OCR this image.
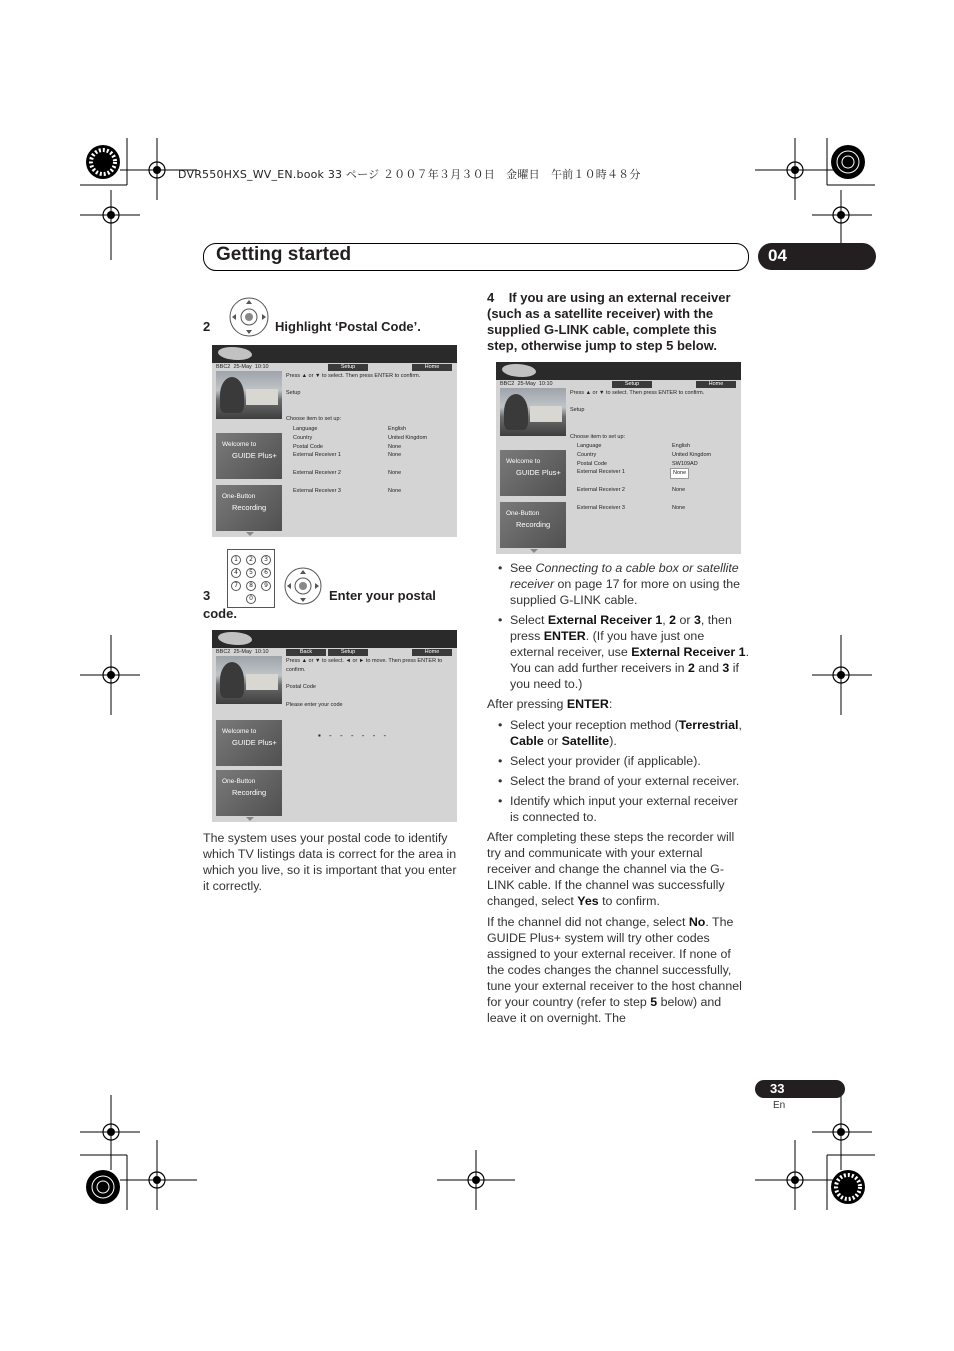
DVR550HXS_WV_EN.book 33 ページ ２００７年３月３０日　金曜日　午前１０時４８分
Getting started	04
2	Highlight ‘Postal Code’.
BBC2 25-May 10:10	Setup	Home
Press ▲ or ▼ to select. Then press ENTER to confirm.
Setup
Choose item to set up:
Language	English
Country	United Kingdom
Postal Code	None
External Receiver 1	None
External Receiver 2	None
External Receiver 3	None
Welcome to
GUIDE Plus+
One-Button
Recording
1	2	3
4	5	6
7	8	9
0
3	Enter your postal
code.
BBC2 25-May 10:10	Back	Setup	Home
Press ▲ or ▼ to select. ◄ or ► to move. Then press ENTER to confirm.
Postal Code
Please enter your code
▪ - - - - - -
Welcome to
GUIDE Plus+
One-Button
Recording
The system uses your postal code to identify which TV listings data is correct for the area in which you live, so it is important that you enter it correctly.
4 If you are using an external receiver (such as a satellite receiver) with the supplied G-LINK cable, complete this step, otherwise jump to step 5 below.
BBC2 25-May 10:10	Setup	Home
Press ▲ or ▼ to select. Then press ENTER to confirm.
Setup
Choose item to set up:
Language	English
Country	United Kingdom
Postal Code	SW109AD
External Receiver 1	None
External Receiver 2	None
External Receiver 3	None
Welcome to
GUIDE Plus+
One-Button
Recording
• See Connecting to a cable box or satellite receiver on page 17 for more on using the supplied G-LINK cable.
• Select External Receiver 1, 2 or 3, then press ENTER. (If you have just one external receiver, use External Receiver 1. You can add further receivers in 2 and 3 if you need to.)
After pressing ENTER:
• Select your reception method (Terrestrial, Cable or Satellite).
• Select your provider (if applicable).
• Select the brand of your external receiver.
• Identify which input your external receiver is connected to.
After completing these steps the recorder will try and communicate with your external receiver and change the channel via the G-LINK cable. If the channel was successfully changed, select Yes to confirm.
If the channel did not change, select No. The GUIDE Plus+ system will try other codes assigned to your external receiver. If none of the codes changes the channel successfully, tune your external receiver to the host channel for your country (refer to step 5 below) and leave it on overnight. The
33
En
